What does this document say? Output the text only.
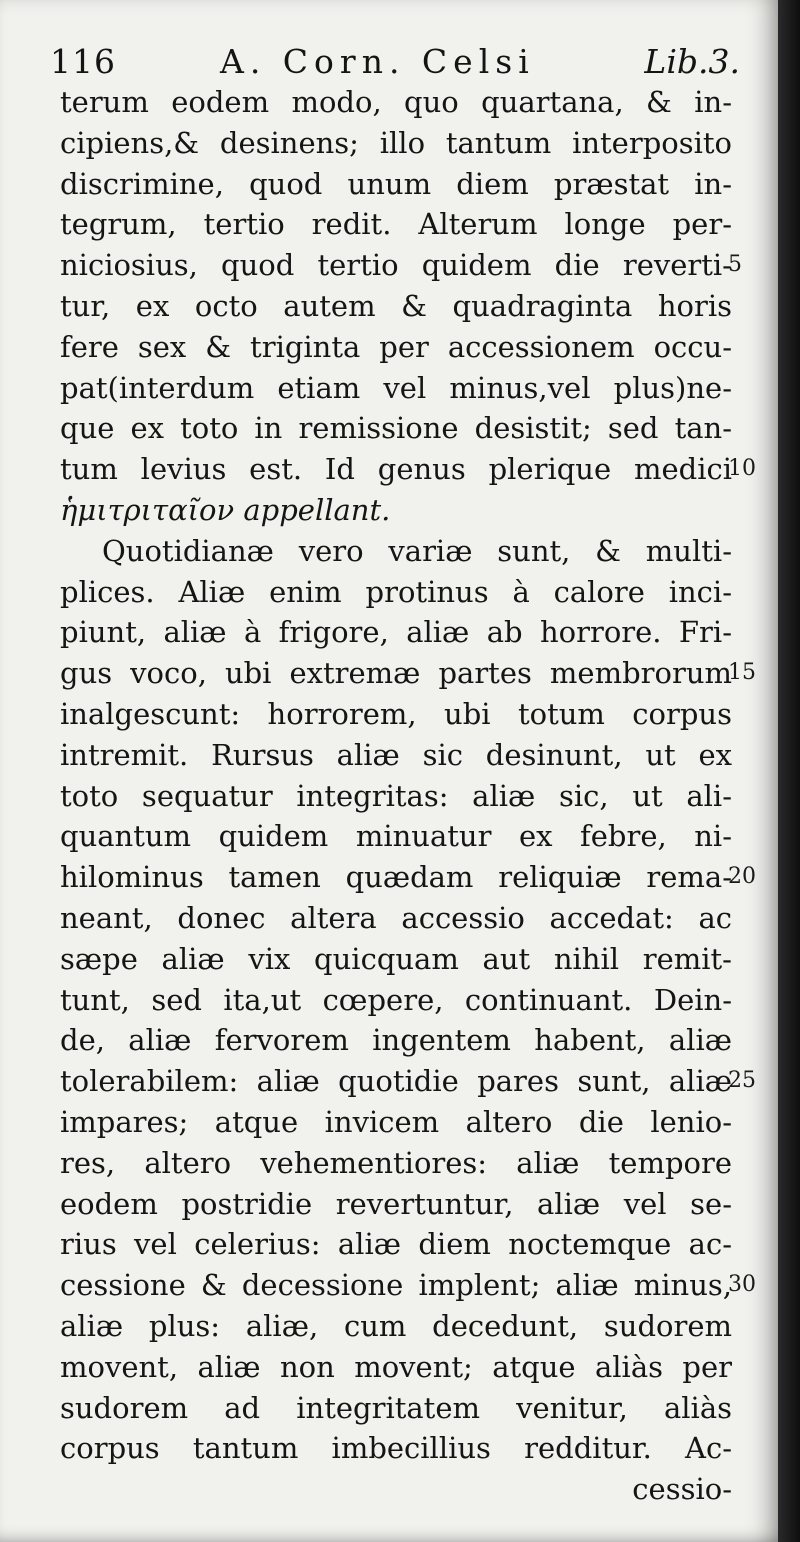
116	A. Corn. Celsi	Lib.3.
terum eodem modo, quo quartana, & in-
cipiens,& desinens; illo tantum interposito
discrimine, quod unum diem præstat in-
tegrum, tertio redit. Alterum longe per-
niciosius, quod tertio quidem die reverti-
tur, ex octo autem & quadraginta horis
fere sex & triginta per accessionem occu-
pat(interdum etiam vel minus,vel plus)ne-
que ex toto in remissione desistit; sed tan-
tum levius est. Id genus plerique medici
ἡμιτριταῖον appellant.
Quotidianæ vero variæ sunt, & multi-
plices. Aliæ enim protinus à calore inci-
piunt, aliæ à frigore, aliæ ab horrore. Fri-
gus voco, ubi extremæ partes membrorum
inalgescunt: horrorem, ubi totum corpus
intremit. Rursus aliæ sic desinunt, ut ex
toto sequatur integritas: aliæ sic, ut ali-
quantum quidem minuatur ex febre, ni-
hilominus tamen quædam reliquiæ rema-
neant, donec altera accessio accedat: ac
sæpe aliæ vix quicquam aut nihil remit-
tunt, sed ita,ut cœpere, continuant. Dein-
de, aliæ fervorem ingentem habent, aliæ
tolerabilem: aliæ quotidie pares sunt, aliæ
impares; atque invicem altero die lenio-
res, altero vehementiores: aliæ tempore
eodem postridie revertuntur, aliæ vel se-
rius vel celerius: aliæ diem noctemque ac-
cessione & decessione implent; aliæ minus,
aliæ plus: aliæ, cum decedunt, sudorem
movent, aliæ non movent; atque aliàs per
sudorem ad integritatem venitur, aliàs
corpus tantum imbecillius redditur. Ac-
cessio-
5
10
15
20
25
30
